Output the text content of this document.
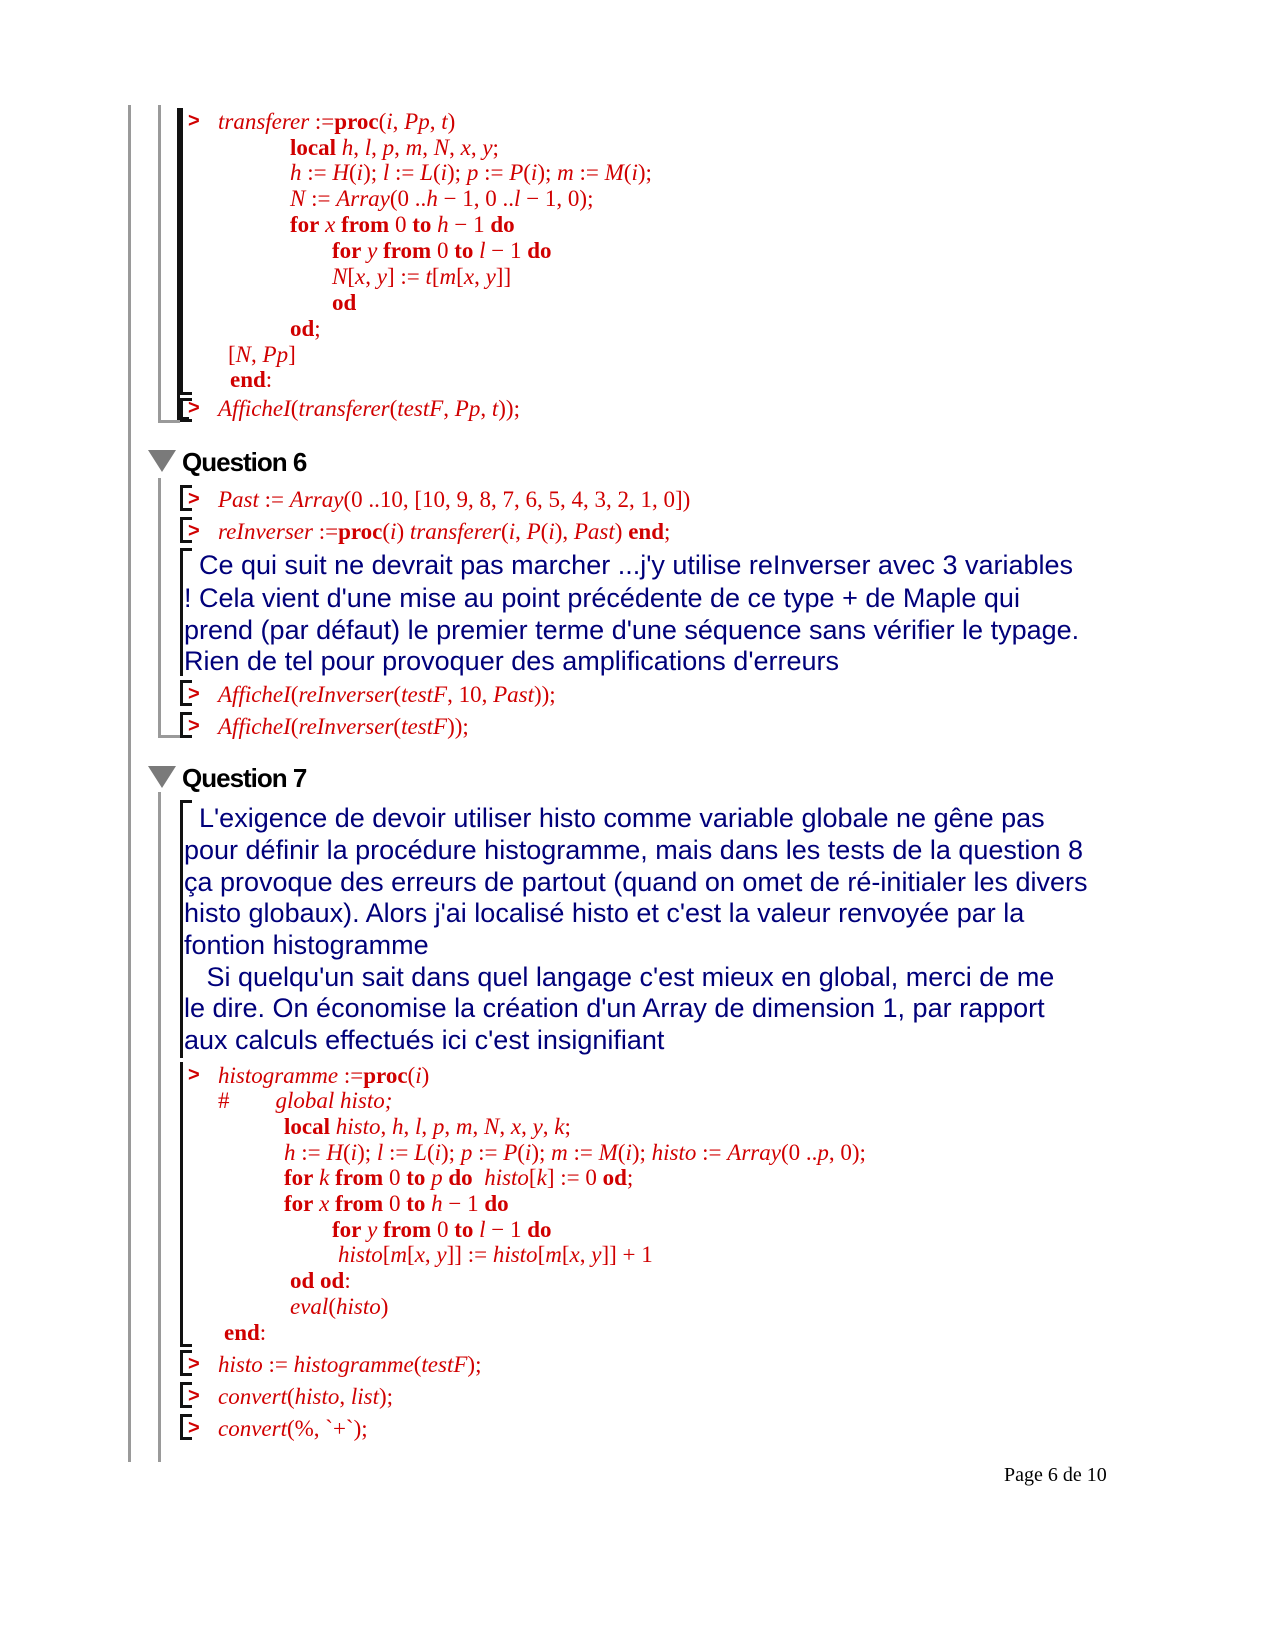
> transferer :=proc(i, Pp, t)
local h, l, p, m, N, x, y;
h := H(i); l := L(i); p := P(i); m := M(i);
N := Array(0 ..h − 1, 0 ..l − 1, 0);
for x from 0 to h − 1 do
for y from 0 to l − 1 do
N[x, y] := t[m[x, y]]
od
od;
[N, Pp]
end:
> AfficheI(transferer(testF, Pp, t));
Question 6
> Past := Array(0 ..10, [10, 9, 8, 7, 6, 5, 4, 3, 2, 1, 0])
> reInverser :=proc(i) transferer(i, P(i), Past) end;
Ce qui suit ne devrait pas marcher ...j'y utilise reInverser avec 3 variables
! Cela vient d'une mise au point précédente de ce type + de Maple qui
prend (par défaut) le premier terme d'une séquence sans vérifier le typage.
Rien de tel pour provoquer des amplifications d'erreurs
> AfficheI(reInverser(testF, 10, Past));
> AfficheI(reInverser(testF));
Question 7
L'exigence de devoir utiliser histo comme variable globale ne gêne pas
pour définir la procédure histogramme, mais dans les tests de la question 8
ça provoque des erreurs de partout (quand on omet de ré-initialer les divers
histo globaux). Alors j'ai localisé histo et c'est la valeur renvoyée par la
fontion histogramme
Si quelqu'un sait dans quel langage c'est mieux en global, merci de me
le dire. On économise la création d'un Array de dimension 1, par rapport
aux calculs effectués ici c'est insignifiant
> histogramme :=proc(i)
#        global histo;
local histo, h, l, p, m, N, x, y, k;
h := H(i); l := L(i); p := P(i); m := M(i); histo := Array(0 ..p, 0);
for k from 0 to p do histo[k] := 0 od;
for x from 0 to h − 1 do
for y from 0 to l − 1 do
histo[m[x, y]] := histo[m[x, y]] + 1
od od:
eval(histo)
end:
> histo := histogramme(testF);
> convert(histo, list);
> convert(%, `+`);
Page 6 de 10
